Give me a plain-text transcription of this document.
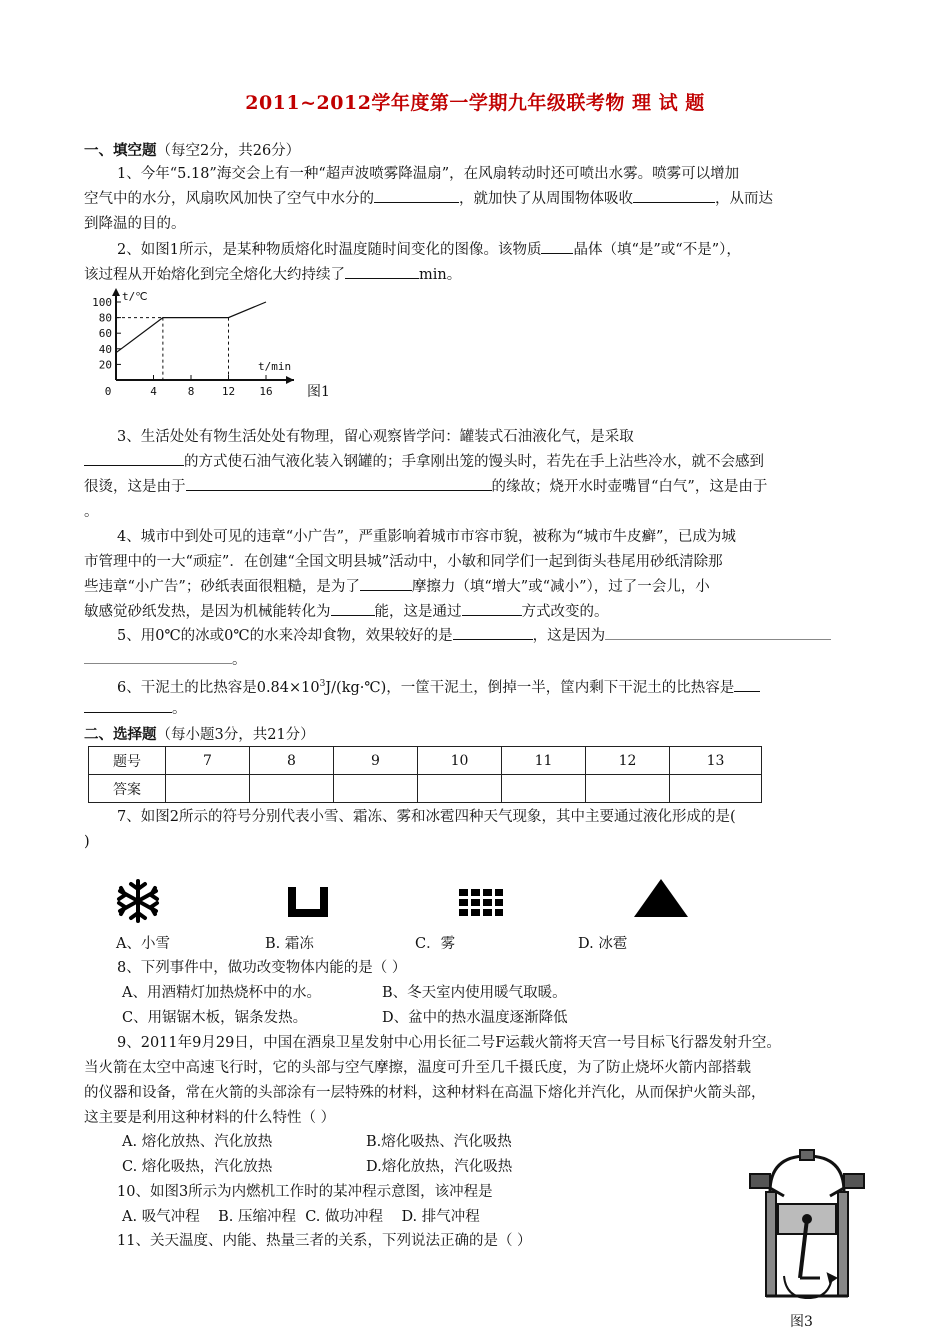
2011~2012学年度第一学期九年级联考物 理 试 题
一、填空题（每空2分，共26分）
1、今年“5.18”海交会上有一种“超声波喷雾降温扇”，在风扇转动时还可喷出水雾。喷雾可以增加
空气中的水分，风扇吹风加快了空气中水分的	，就加快了从周围物体吸收	，从而达
到降温的目的。
2、如图1所示，是某种物质熔化时温度随时间变化的图像。该物质 晶体（填“是”或“不是”），
该过程从开始熔化到完全熔化大约持续了	min。
t/℃
t/min
20
40
60
80
100
0	4	8	12 16 图1
3、生活处处有物生活处处有物理，留心观察皆学问：罐装式石油液化气，是采取
的方式使石油气液化装入钢罐的；手拿刚出笼的馒头时，若先在手上沾些冷水，就不会感到
很烫，这是由于	的缘故；烧开水时壶嘴冒“白气”，这是由于
。
4、城市中到处可见的违章“小广告”，严重影响着城市市容市貌，被称为“城市牛皮癣”，已成为城
市管理中的一大“顽症”．在创建“全国文明县城”活动中，小敏和同学们一起到街头巷尾用砂纸清除那
些违章“小广告”；砂纸表面很粗糙，是为了	摩擦力（填“增大”或“减小”），过了一会儿，小
敏感觉砂纸发热，是因为机械能转化为	能，这是通过	方式改变的。
5、用0℃的冰或0℃的水来冷却食物，效果较好的是	，这是因为
。
6、干泥土的比热容是$0.84\times 10^3J/(kg\cdot℃)$，一筐干泥土，倒掉一半，筐内剩下干泥土的比热容是
。
二、选择题（每小题3分，共21分）
题号	7	8	9	10	11	12	13
答案							
7、如图2所示的符号分别代表小雪、霜冻、雾和冰雹四种天气现象，其中主要通过液化形成的是(
)
A、小雪	B. 霜冻	C．雾	D. 冰雹
8、下列事件中，做功改变物体内能的是（ ）
A、用酒精灯加热烧杯中的水。	B、冬天室内使用暖气取暖。
C、用锯锯木板，锯条发热。	D、盆中的热水温度逐渐降低
9、2011年9月29日，中国在酒泉卫星发射中心用长征二号F运载火箭将天宫一号目标飞行器发射升空。
当火箭在太空中高速飞行时，它的头部与空气摩擦，温度可升至几千摄氏度，为了防止烧坏火箭内部搭载
的仪器和设备，常在火箭的头部涂有一层特殊的材料，这种材料在高温下熔化并汽化，从而保护火箭头部，
这主要是利用这种材料的什么特性（ ）
A. 熔化放热、汽化放热	B.熔化吸热、汽化吸热
C. 熔化吸热，汽化放热	D.熔化放热，汽化吸热
10、如图3所示为内燃机工作时的某冲程示意图，该冲程是
A. 吸气冲程    B. 压缩冲程  C. 做功冲程    D. 排气冲程
11、关天温度、内能、热量三者的关系，下列说法正确的是（ ）
图3
